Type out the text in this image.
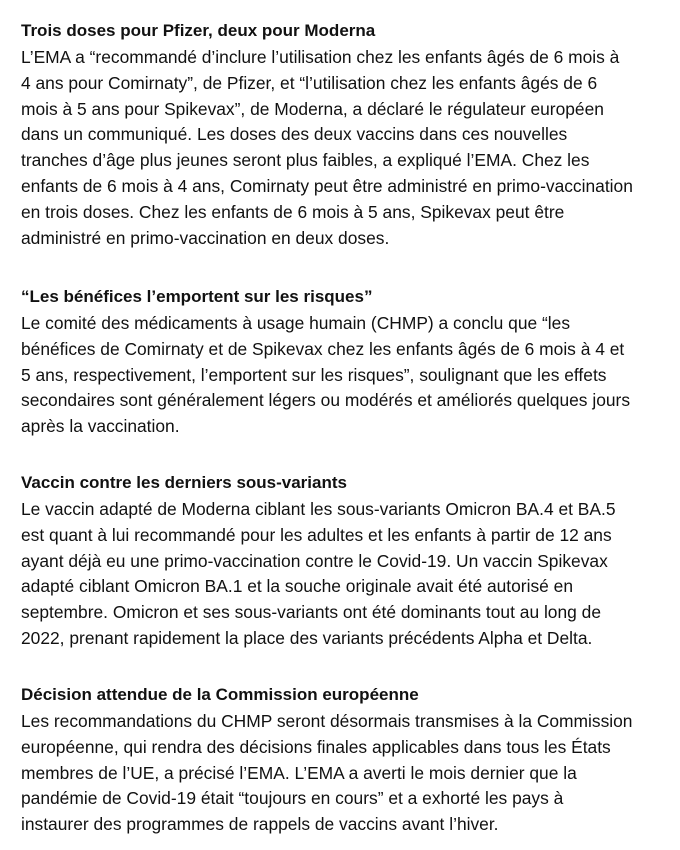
Trois doses pour Pfizer, deux pour Moderna

L’EMA a “recommandé d’inclure l’utilisation chez les enfants âgés de 6 mois à
4 ans pour Comirnaty”, de Pfizer, et “l’utilisation chez les enfants âgés de 6
mois à 5 ans pour Spikevax”, de Moderna, a déclaré le régulateur européen
dans un communiqué. Les doses des deux vaccins dans ces nouvelles
tranches d’âge plus jeunes seront plus faibles, a expliqué l’EMA. Chez les
enfants de 6 mois à 4 ans, Comirnaty peut être administré en primo-vaccination
en trois doses. Chez les enfants de 6 mois à 5 ans, Spikevax peut être
administré en primo-vaccination en deux doses.

“Les bénéfices l’emportent sur les risques”

Le comité des médicaments à usage humain (CHMP) a conclu que “les
bénéfices de Comirnaty et de Spikevax chez les enfants âgés de 6 mois à 4 et
5 ans, respectivement, l’emportent sur les risques”, soulignant que les effets
secondaires sont généralement légers ou modérés et améliorés quelques jours
après la vaccination.

Vaccin contre les derniers sous-variants

Le vaccin adapté de Moderna ciblant les sous-variants Omicron BA.4 et BA.5
est quant à lui recommandé pour les adultes et les enfants à partir de 12 ans
ayant déjà eu une primo-vaccination contre le Covid-19. Un vaccin Spikevax
adapté ciblant Omicron BA.1 et la souche originale avait été autorisé en
septembre. Omicron et ses sous-variants ont été dominants tout au long de
2022, prenant rapidement la place des variants précédents Alpha et Delta.

Décision attendue de la Commission européenne

Les recommandations du CHMP seront désormais transmises à la Commission
européenne, qui rendra des décisions finales applicables dans tous les États
membres de l’UE, a précisé l’EMA. L’EMA a averti le mois dernier que la
pandémie de Covid-19 était “toujours en cours” et a exhorté les pays à
instaurer des programmes de rappels de vaccins avant l’hiver.
